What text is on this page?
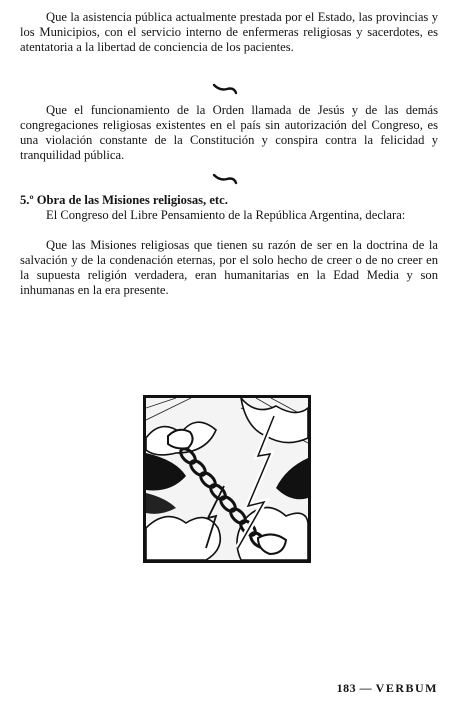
Que la asistencia pública actualmente prestada por el Estado, las provincias y los Municipios, con el servicio interno de enfermeras religiosas y sacerdotes, es atentatoria a la libertad de conciencia de los pacientes.

Que el funcionamiento de la Orden llamada de Jesús y de las demás congregaciones religiosas existentes en el país sin autorización del Congreso, es una violación constante de la Constitución y conspira contra la felicidad y tranquilidad pública.

5.º Obra de las Misiones religiosas, etc.

El Congreso del Libre Pensamiento de la República Argentina, declara:

Que las Misiones religiosas que tienen su razón de ser en la doctrina de la salvación y de la condenación eternas, por el solo hecho de creer o de no creer en la supuesta religión verdadera, eran humanitarias en la Edad Media y son inhumanas en la era presente.

183 — VERBUM
